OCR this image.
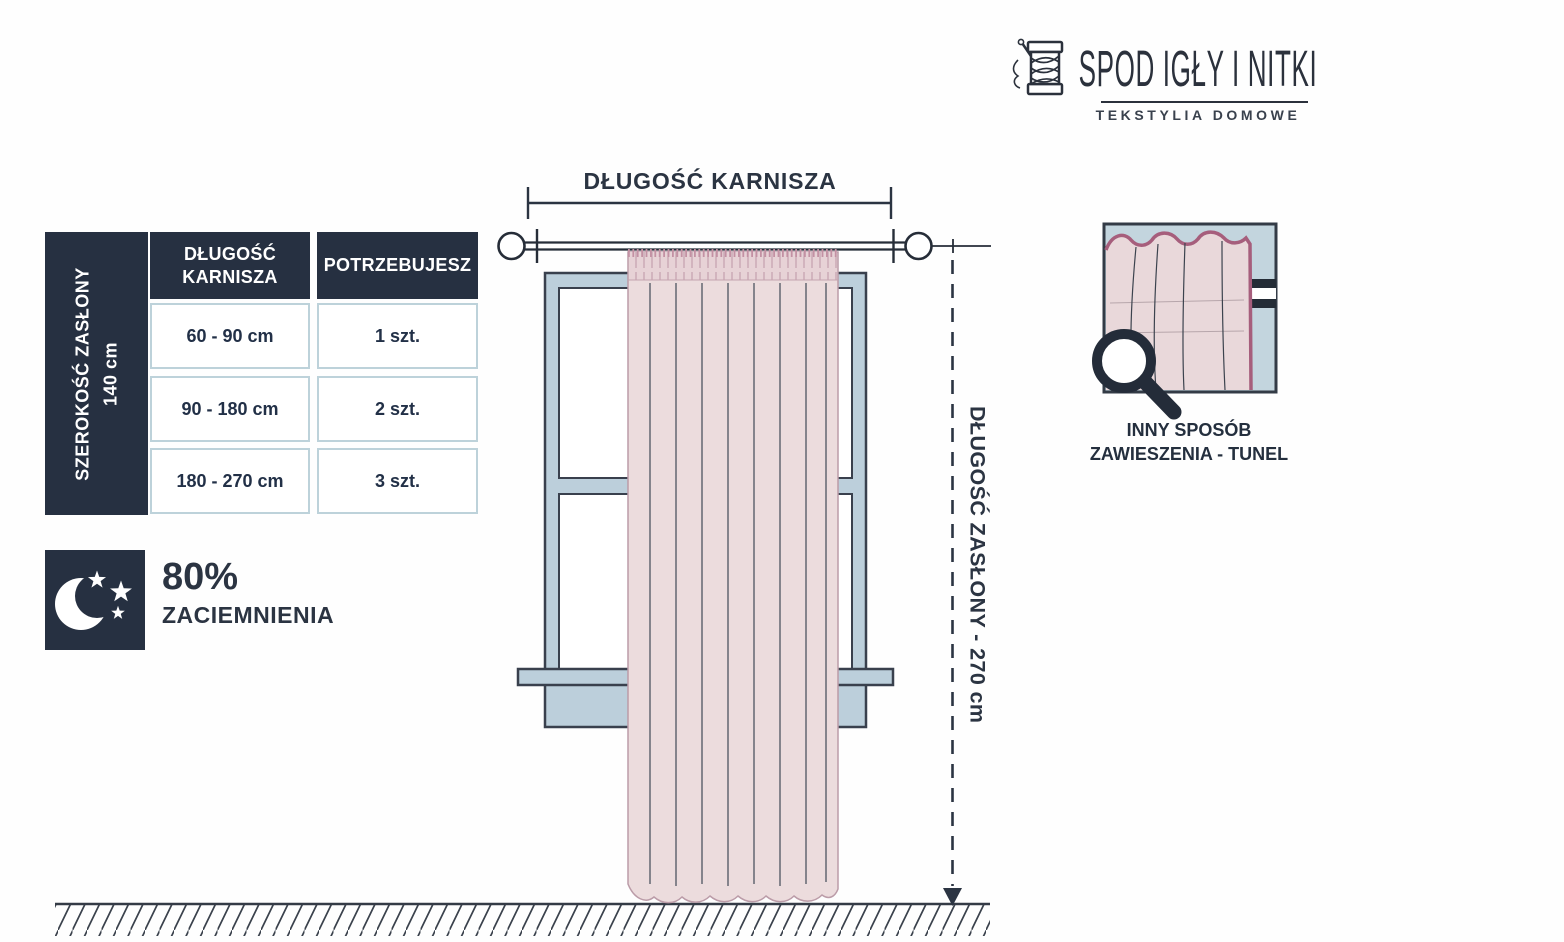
SZEROKOŚĆ ZASŁONY 140 cm
DŁUGOŚĆ KARNISZA
POTRZEBUJESZ
60 - 90 cm	1 szt.
90 - 180 cm	2 szt.
180 - 270 cm	3 szt.
80%
ZACIEMNIENIA
DŁUGOŚĆ KARNISZA
DŁUGOŚĆ ZASŁONY - 270 cm
SPOD IGŁY I NITKI
TEKSTYLIA DOMOWE
INNY SPOSÓB
ZAWIESZENIA - TUNEL
